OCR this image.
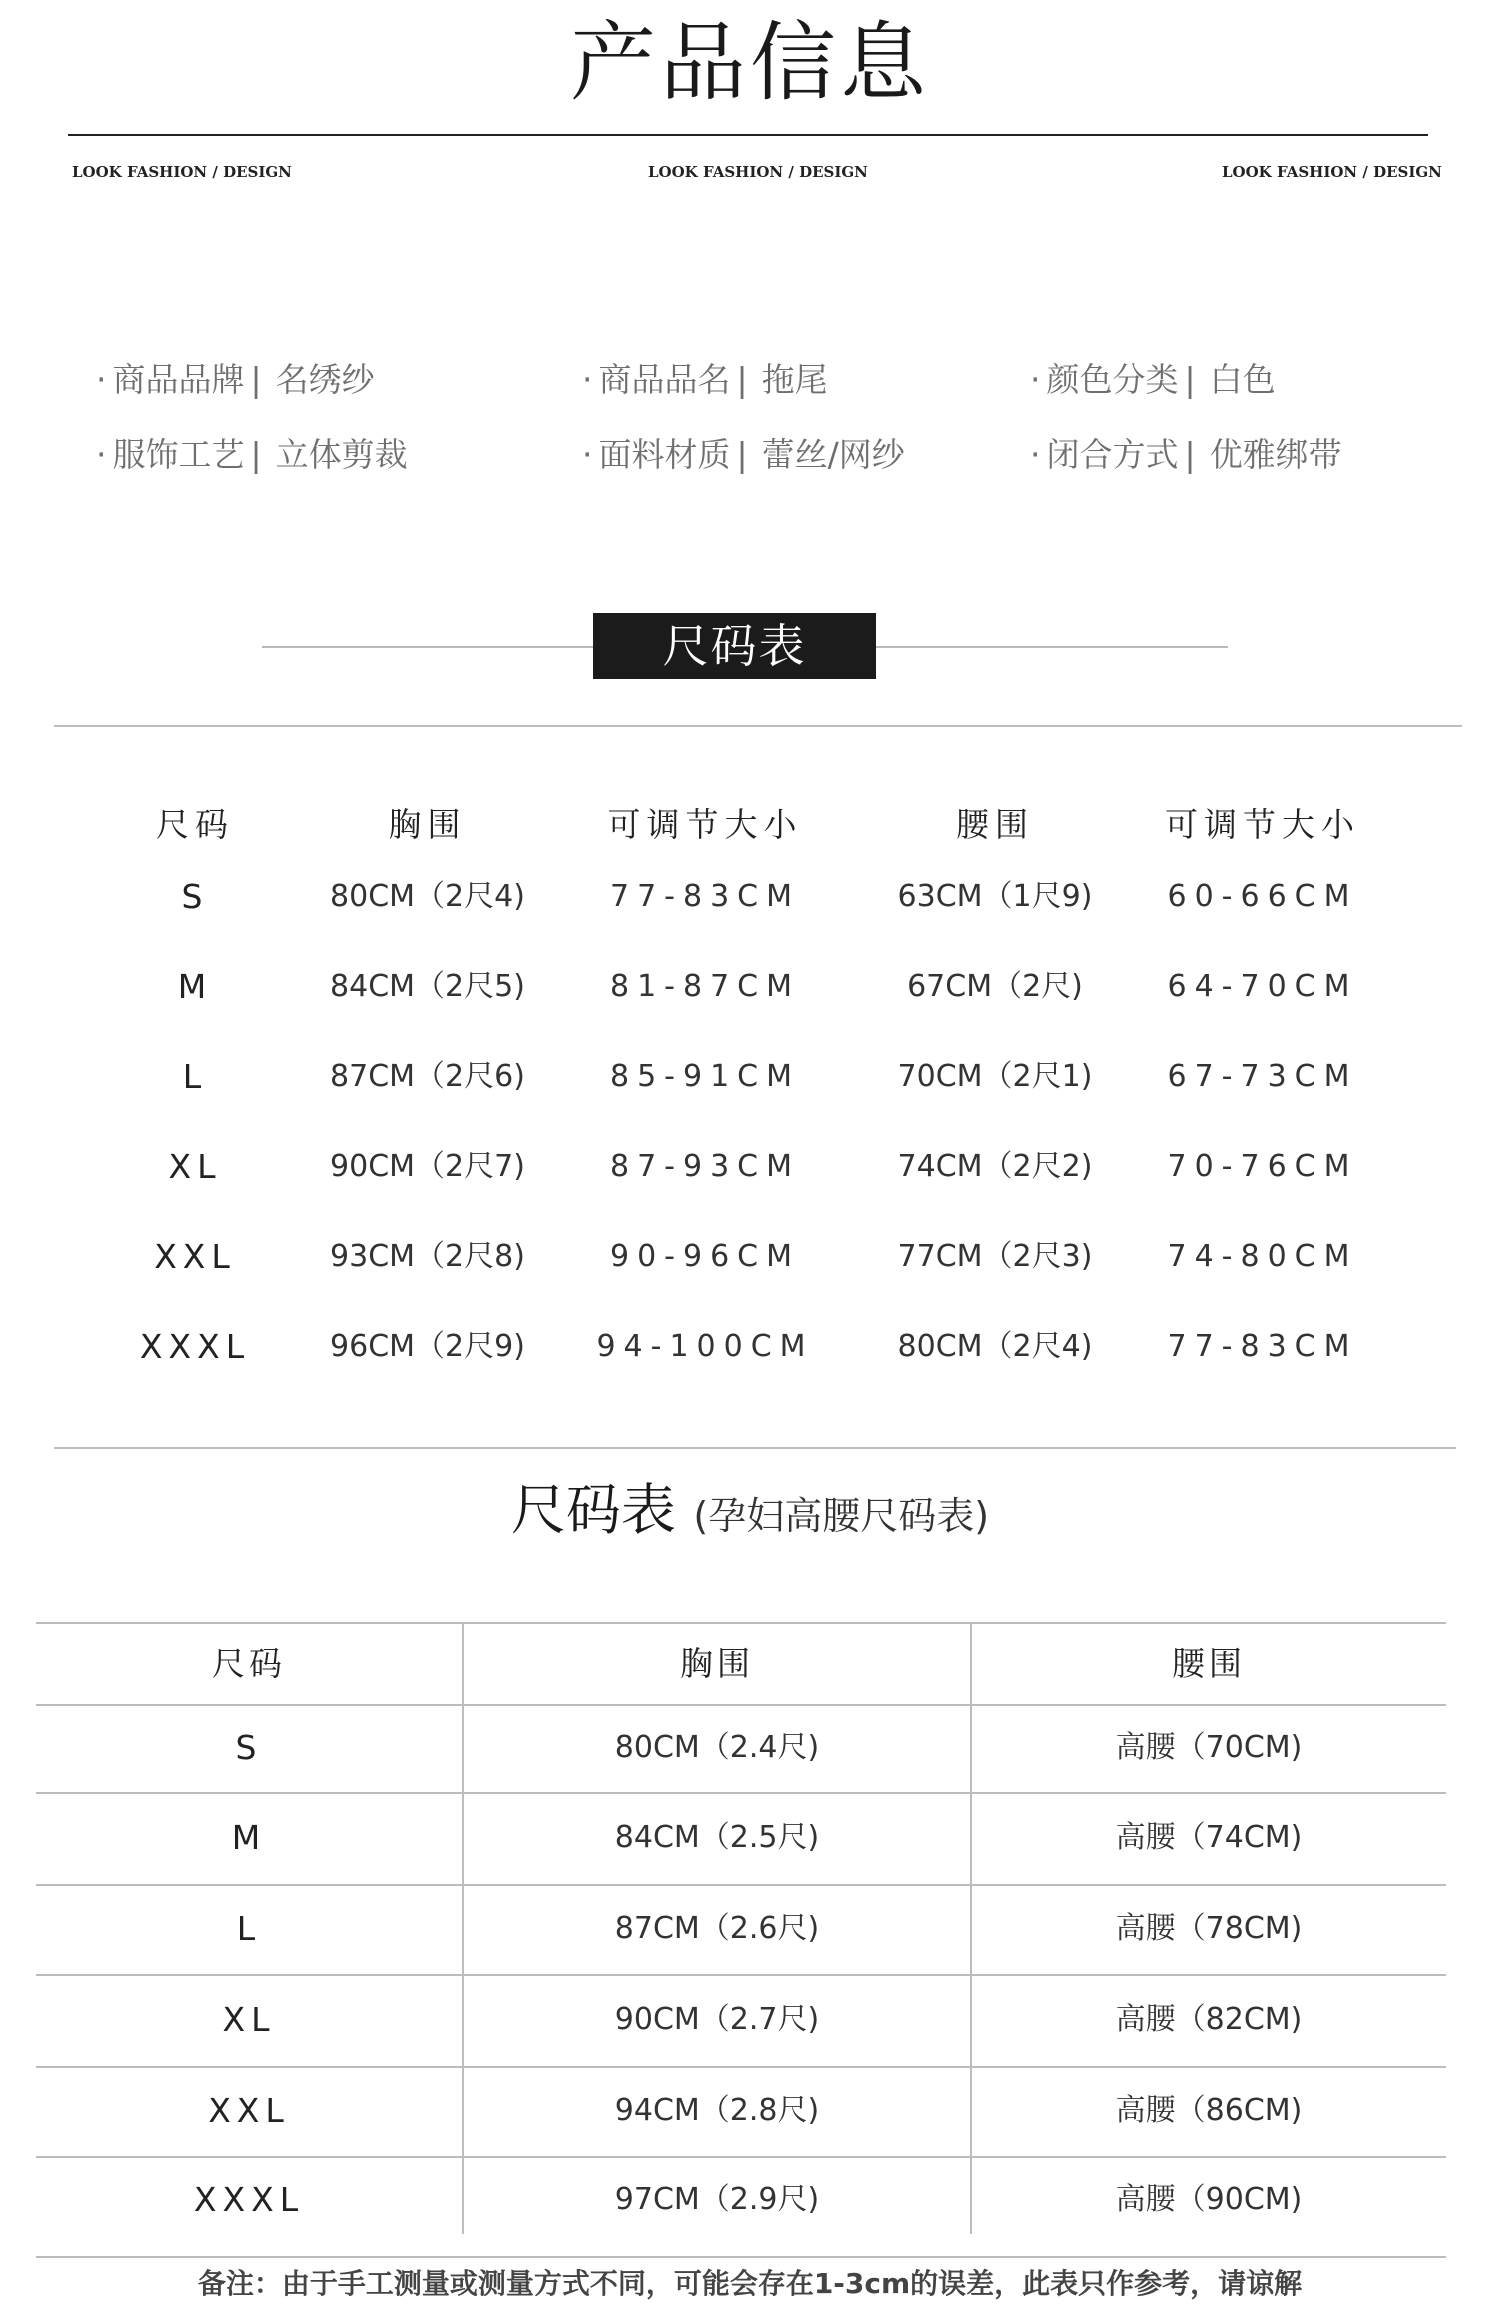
产品信息
LOOK FASHION / DESIGN	LOOK FASHION / DESIGN	LOOK FASHION / DESIGN
· 商品品牌 | 名绣纱	· 商品品名 | 拖尾	· 颜色分类 | 白色
· 服饰工艺 | 立体剪裁	· 面料材质 | 蕾丝/网纱	· 闭合方式 | 优雅绑带
尺码表
尺码	胸围	可调节大小	腰围	可调节大小
S	80CM（2尺4)	77-83CM	63CM（1尺9)	60-66CM
M	84CM（2尺5)	81-87CM	67CM（2尺)	64-70CM
L	87CM（2尺6)	85-91CM	70CM（2尺1)	67-73CM
XL	90CM（2尺7)	87-93CM	74CM（2尺2)	70-76CM
XXL	93CM（2尺8)	90-96CM	77CM（2尺3)	74-80CM
XXXL	96CM（2尺9)	94-100CM	80CM（2尺4)	77-83CM
尺码表 (孕妇高腰尺码表)
尺码	胸围	腰围
S	80CM（2.4尺)	高腰（70CM)
M	84CM（2.5尺)	高腰（74CM)
L	87CM（2.6尺)	高腰（78CM)
XL	90CM（2.7尺)	高腰（82CM)
XXL	94CM（2.8尺)	高腰（86CM)
XXXL	97CM（2.9尺)	高腰（90CM)
备注：由于手工测量或测量方式不同，可能会存在1-3cm的误差，此表只作参考，请谅解
